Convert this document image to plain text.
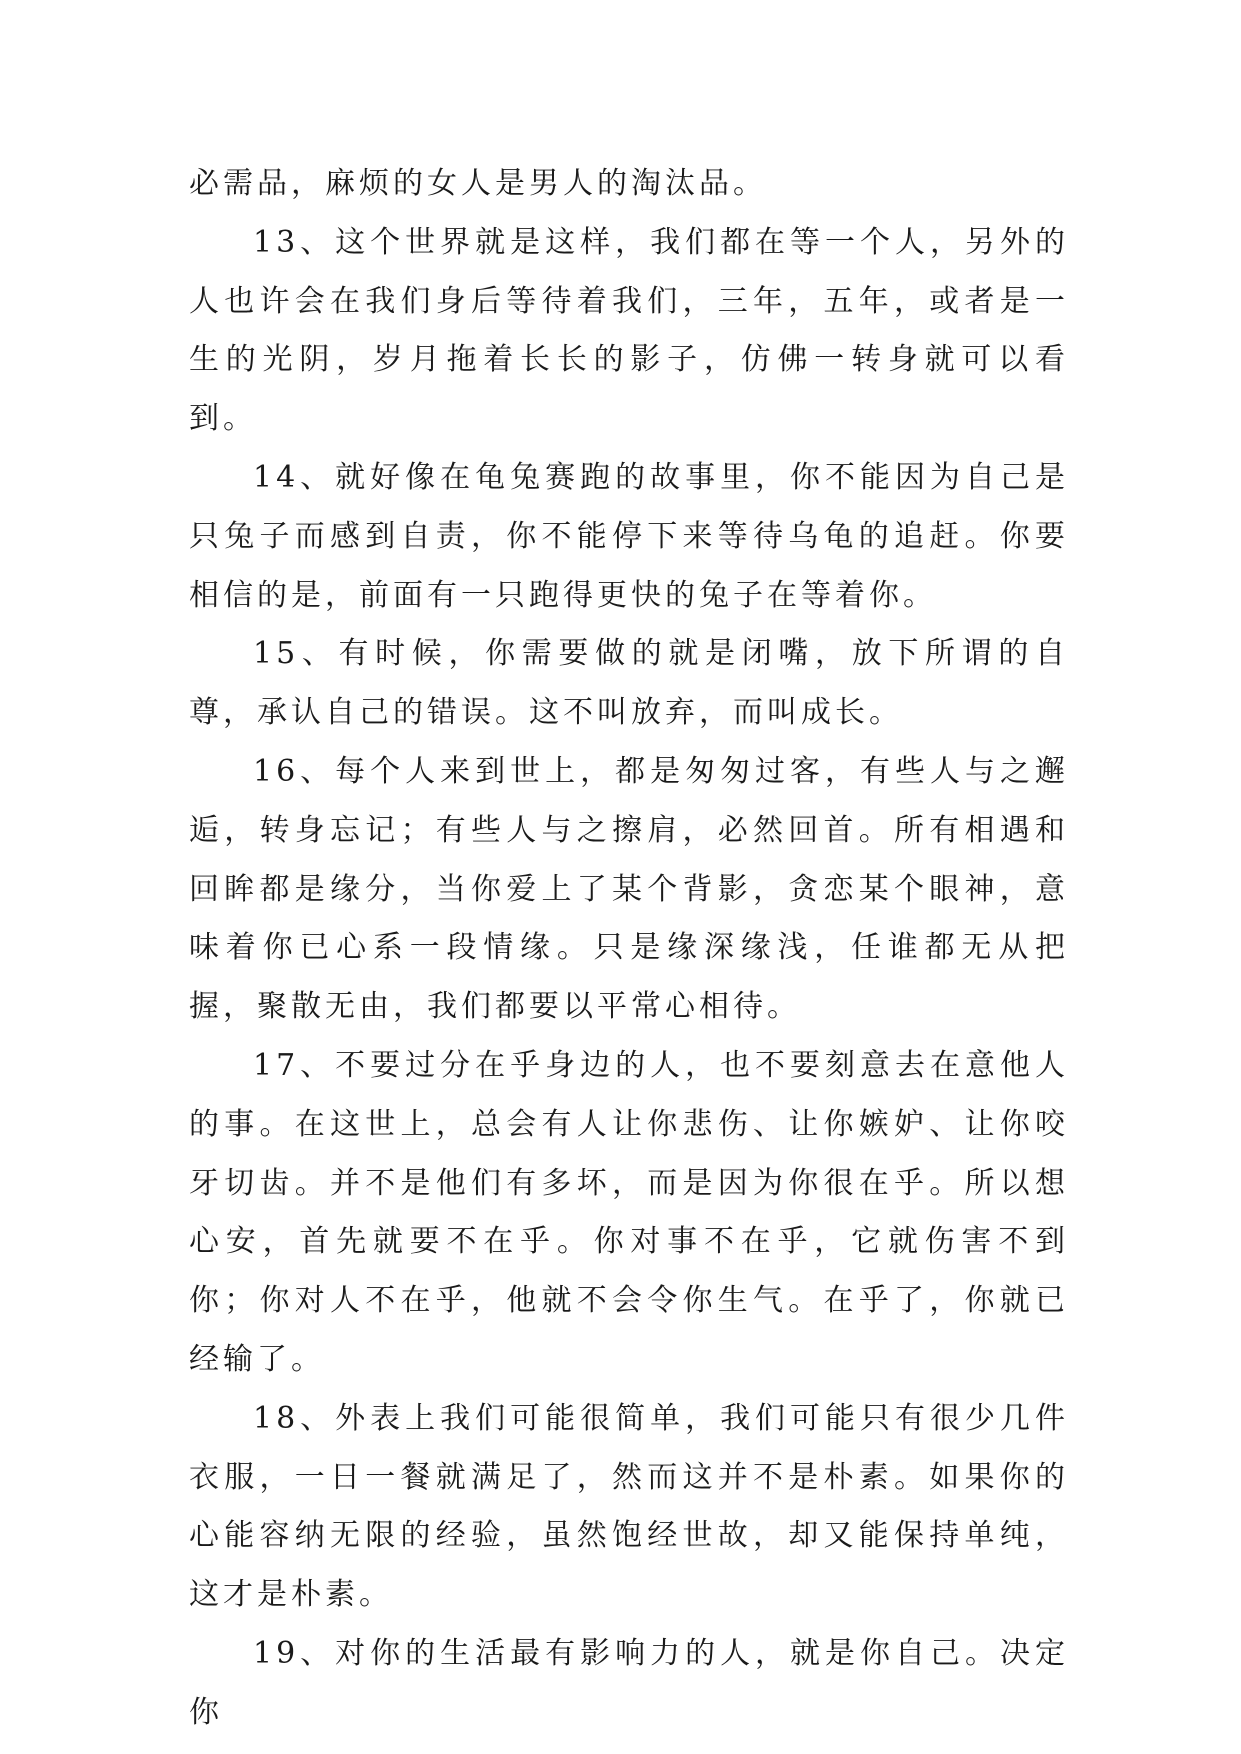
必需品，麻烦的女人是男人的淘汰品。

13、这个世界就是这样，我们都在等一个人，另外的人也许会在我们身后等待着我们，三年，五年，或者是一生的光阴，岁月拖着长长的影子，仿佛一转身就可以看到。

14、就好像在龟兔赛跑的故事里，你不能因为自己是只兔子而感到自责，你不能停下来等待乌龟的追赶。你要相信的是，前面有一只跑得更快的兔子在等着你。

15、有时候，你需要做的就是闭嘴，放下所谓的自尊，承认自己的错误。这不叫放弃，而叫成长。

16、每个人来到世上，都是匆匆过客，有些人与之邂逅，转身忘记；有些人与之擦肩，必然回首。所有相遇和回眸都是缘分，当你爱上了某个背影，贪恋某个眼神，意味着你已心系一段情缘。只是缘深缘浅，任谁都无从把握，聚散无由，我们都要以平常心相待。

17、不要过分在乎身边的人，也不要刻意去在意他人的事。在这世上，总会有人让你悲伤、让你嫉妒、让你咬牙切齿。并不是他们有多坏，而是因为你很在乎。所以想心安，首先就要不在乎。你对事不在乎，它就伤害不到你；你对人不在乎，他就不会令你生气。在乎了，你就已经输了。

18、外表上我们可能很简单，我们可能只有很少几件衣服，一日一餐就满足了，然而这并不是朴素。如果你的心能容纳无限的经验，虽然饱经世故，却又能保持单纯，这才是朴素。

19、对你的生活最有影响力的人，就是你自己。决定你
